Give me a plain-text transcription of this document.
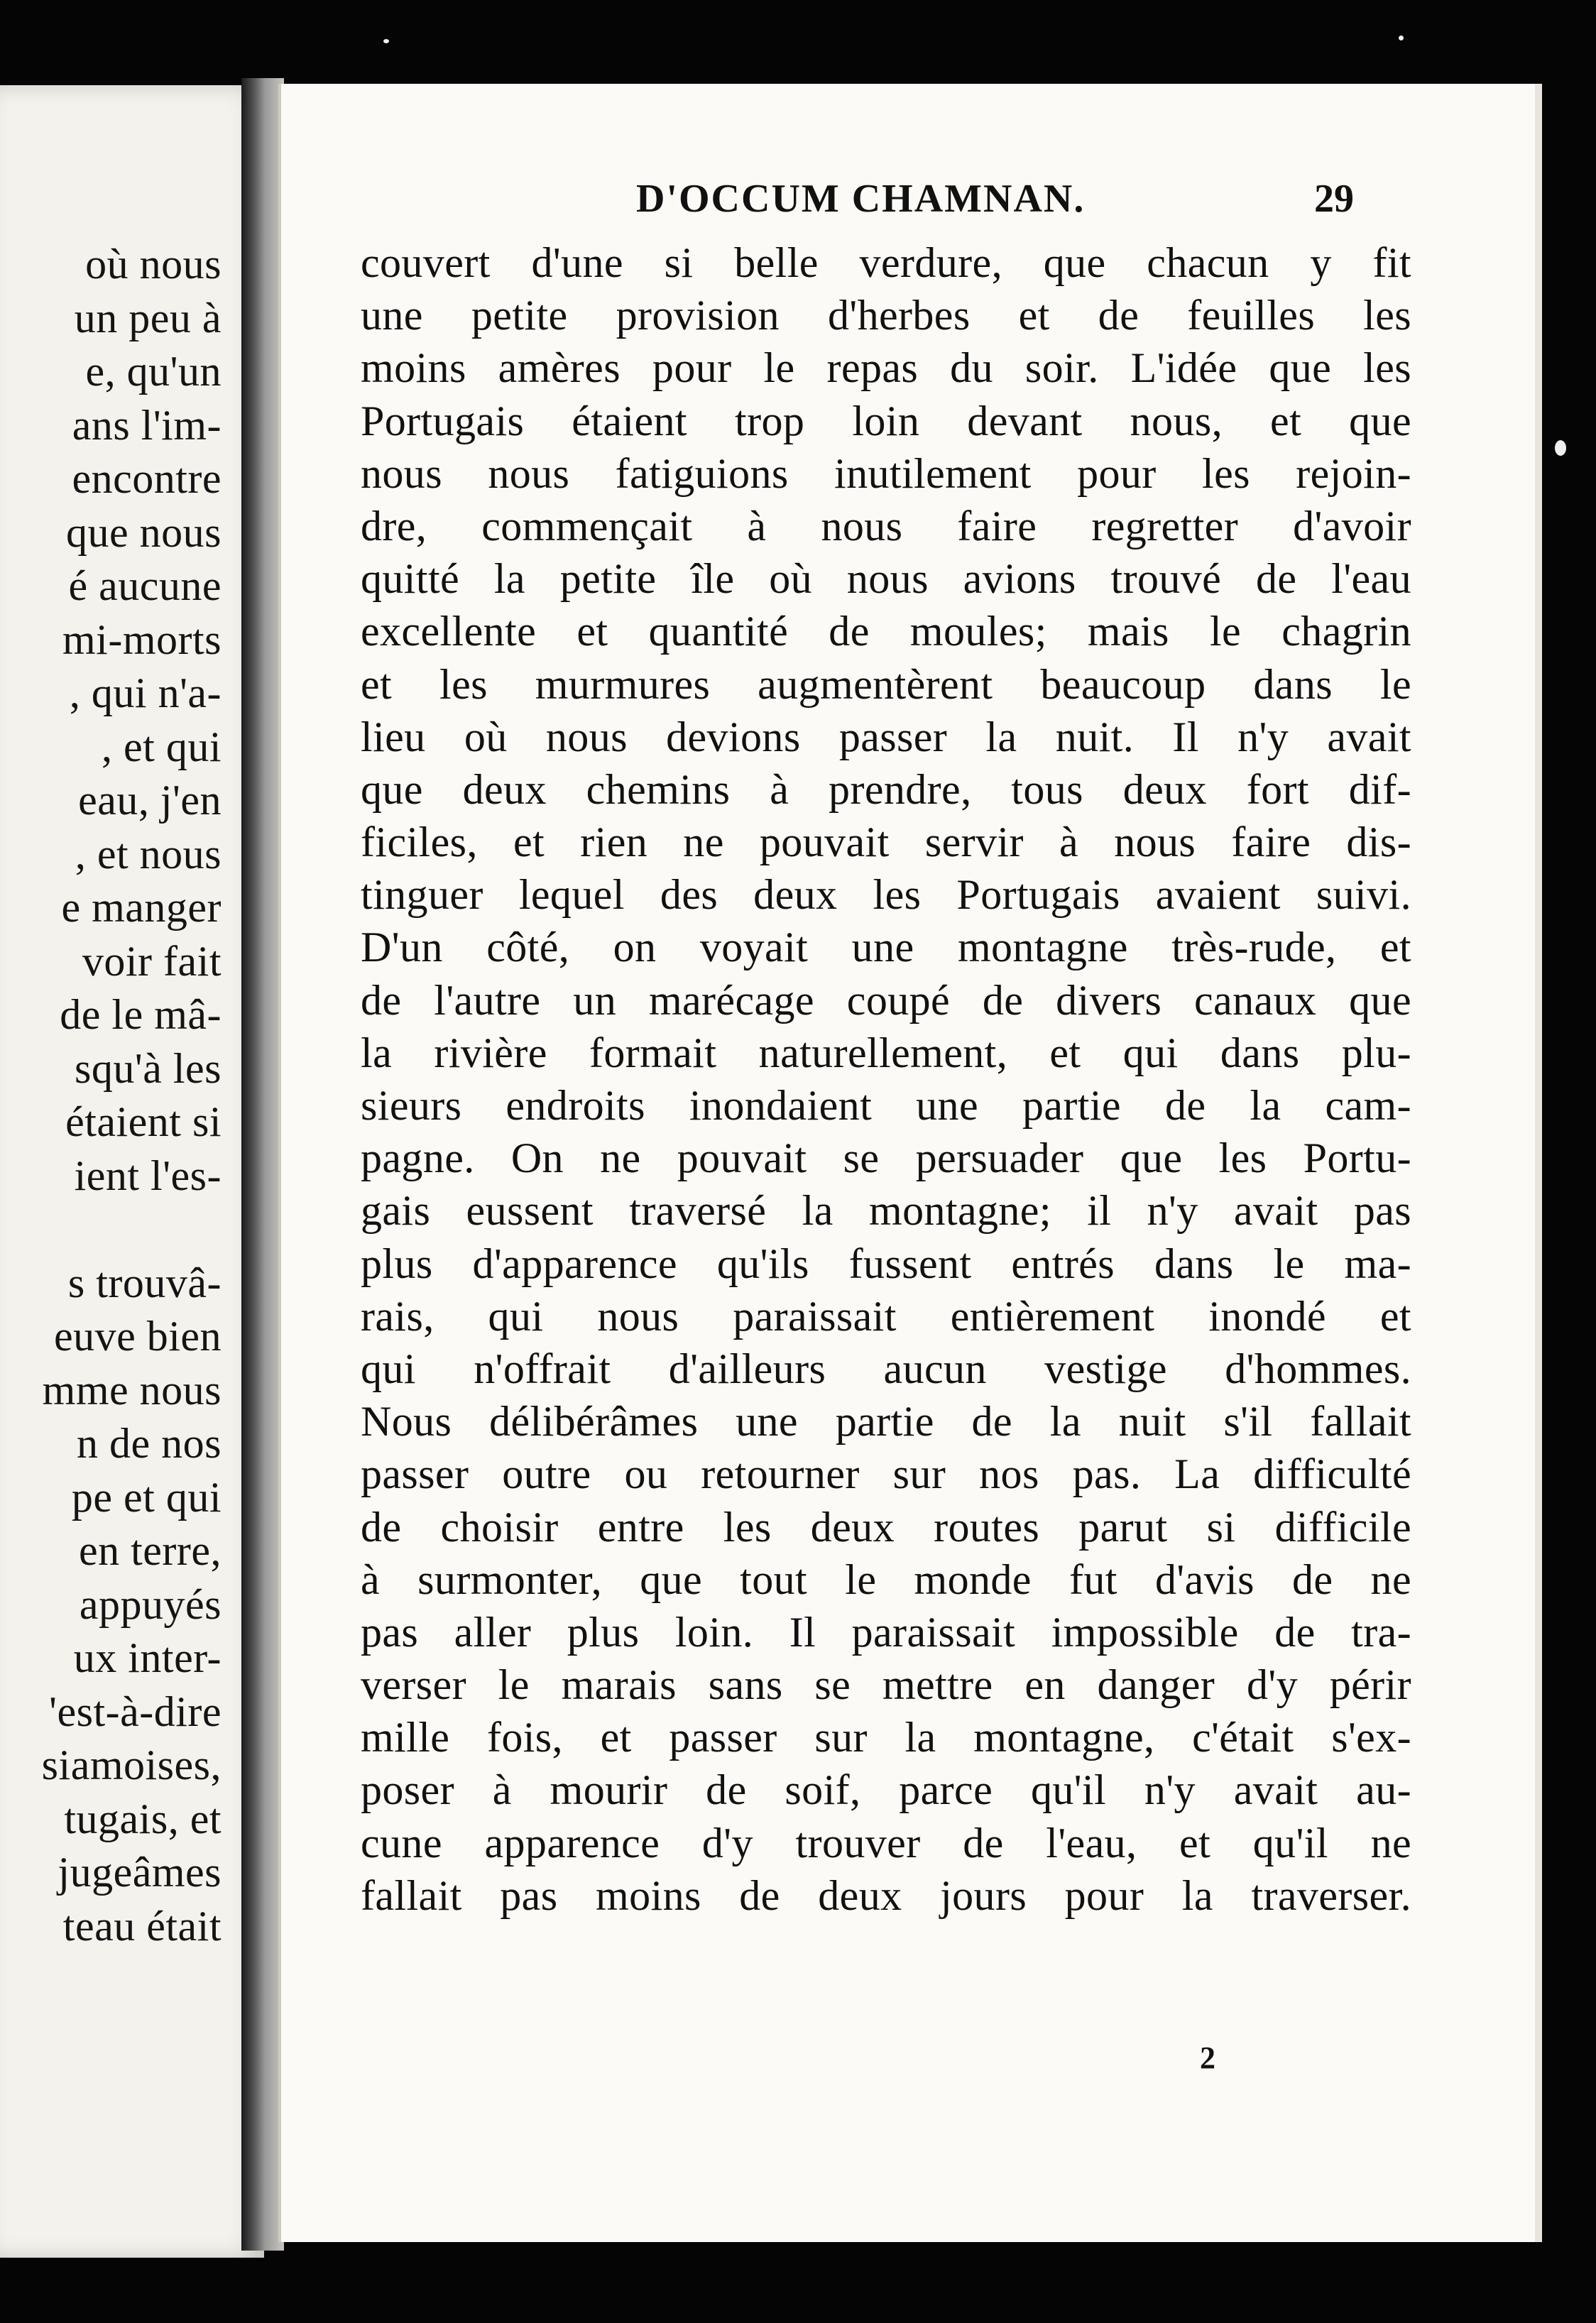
où nous
un peu à
e, qu'un
ans l'im-
encontre
que nous
é aucune
mi-morts
, qui n'a-
, et qui
eau, j'en
, et nous
e manger
voir fait
de le mâ-
squ'à les
étaient si
ient l'es-

s trouvâ-
euve bien
mme nous
n de nos
pe et qui
en terre,
appuyés
ux inter-
'est-à-dire
siamoises,
tugais, et
jugeâmes
teau était
D'OCCUM CHAMNAN.	29
couvert d'une si belle verdure, que chacun y fit
une petite provision d'herbes et de feuilles les
moins amères pour le repas du soir. L'idée que les
Portugais étaient trop loin devant nous, et que
nous nous fatiguions inutilement pour les rejoin-
dre, commençait à nous faire regretter d'avoir
quitté la petite île où nous avions trouvé de l'eau
excellente et quantité de moules; mais le chagrin
et les murmures augmentèrent beaucoup dans le
lieu où nous devions passer la nuit. Il n'y avait
que deux chemins à prendre, tous deux fort dif-
ficiles, et rien ne pouvait servir à nous faire dis-
tinguer lequel des deux les Portugais avaient suivi.
D'un côté, on voyait une montagne très-rude, et
de l'autre un marécage coupé de divers canaux que
la rivière formait naturellement, et qui dans plu-
sieurs endroits inondaient une partie de la cam-
pagne. On ne pouvait se persuader que les Portu-
gais eussent traversé la montagne; il n'y avait pas
plus d'apparence qu'ils fussent entrés dans le ma-
rais, qui nous paraissait entièrement inondé et
qui n'offrait d'ailleurs aucun vestige d'hommes.
Nous délibérâmes une partie de la nuit s'il fallait
passer outre ou retourner sur nos pas. La difficulté
de choisir entre les deux routes parut si difficile
à surmonter, que tout le monde fut d'avis de ne
pas aller plus loin. Il paraissait impossible de tra-
verser le marais sans se mettre en danger d'y périr
mille fois, et passer sur la montagne, c'était s'ex-
poser à mourir de soif, parce qu'il n'y avait au-
cune apparence d'y trouver de l'eau, et qu'il ne
fallait pas moins de deux jours pour la traverser.
2
